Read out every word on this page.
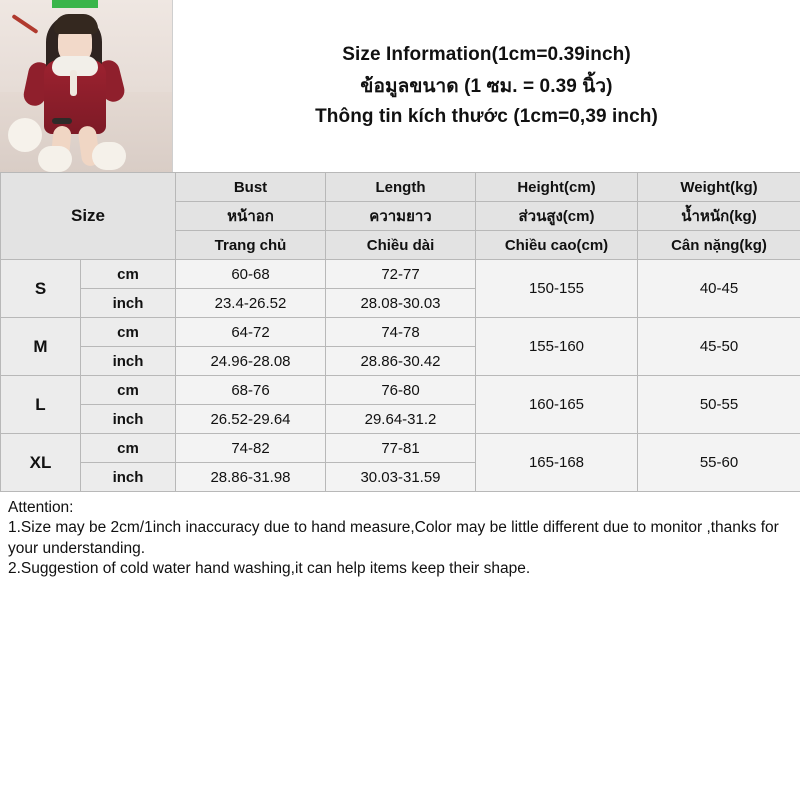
Size Information(1cm=0.39inch)
ข้อมูลขนาด (1 ซม. = 0.39 นิ้ว)
Thông tin kích thước (1cm=0,39 inch)
Size		Bust	Length	Height(cm)	Weight(kg)
		หน้าอก	ความยาว	ส่วนสูง(cm)	น้ำหนัก(kg)
		Trang chủ	Chiều dài	Chiều cao(cm)	Cân nặng(kg)
S	cm	60-68	72-77	150-155	40-45
	inch	23.4-26.52	28.08-30.03		
M	cm	64-72	74-78	155-160	45-50
	inch	24.96-28.08	28.86-30.42		
L	cm	68-76	76-80	160-165	50-55
	inch	26.52-29.64	29.64-31.2		
XL	cm	74-82	77-81	165-168	55-60
	inch	28.86-31.98	30.03-31.59		

Attention:

1.Size may be 2cm/1inch inaccuracy due to hand measure,Color may be little different due to monitor ,thanks for your understanding.

2.Suggestion of cold water hand washing,it can help items keep their shape.
